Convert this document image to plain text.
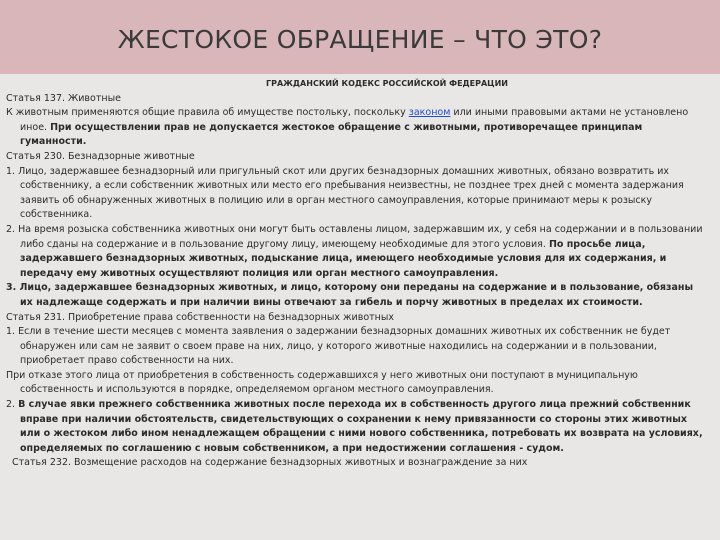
ЖЕСТОКОЕ ОБРАЩЕНИЕ – ЧТО ЭТО?
ГРАЖДАНСКИЙ КОДЕКС РОССИЙСКОЙ ФЕДЕРАЦИИ
Статья 137. Животные
К животным применяются общие правила об имуществе постольку, поскольку законом или иными правовыми актами не установлено иное. При осуществлении прав не допускается жестокое обращение с животными, противоречащее принципам гуманности.
Статья 230. Безнадзорные животные
1. Лицо, задержавшее безнадзорный или пригульный скот или других безнадзорных домашних животных, обязано возвратить их собственнику, а если собственник животных или место его пребывания неизвестны, не позднее трех дней с момента задержания заявить об обнаруженных животных в полицию или в орган местного самоуправления, которые принимают меры к розыску собственника.
2. На время розыска собственника животных они могут быть оставлены лицом, задержавшим их, у себя на содержании и в пользовании либо сданы на содержание и в пользование другому лицу, имеющему необходимые для этого условия. По просьбе лица, задержавшего безнадзорных животных, подыскание лица, имеющего необходимые условия для их содержания, и передачу ему животных осуществляют полиция или орган местного самоуправления.
3. Лицо, задержавшее безнадзорных животных, и лицо, которому они переданы на содержание и в пользование, обязаны их надлежаще содержать и при наличии вины отвечают за гибель и порчу животных в пределах их стоимости.
Статья 231. Приобретение права собственности на безнадзорных животных
1. Если в течение шести месяцев с момента заявления о задержании безнадзорных домашних животных их собственник не будет обнаружен или сам не заявит о своем праве на них, лицо, у которого животные находились на содержании и в пользовании, приобретает право собственности на них.
При отказе этого лица от приобретения в собственность содержавшихся у него животных они поступают в муниципальную собственность и используются в порядке, определяемом органом местного самоуправления.
2. В случае явки прежнего собственника животных после перехода их в собственность другого лица прежний собственник вправе при наличии обстоятельств, свидетельствующих о сохранении к нему привязанности со стороны этих животных или о жестоком либо ином ненадлежащем обращении с ними нового собственника, потребовать их возврата на условиях, определяемых по соглашению с новым собственником, а при недостижении соглашения - судом.
Статья 232. Возмещение расходов на содержание безнадзорных животных и вознаграждение за них
